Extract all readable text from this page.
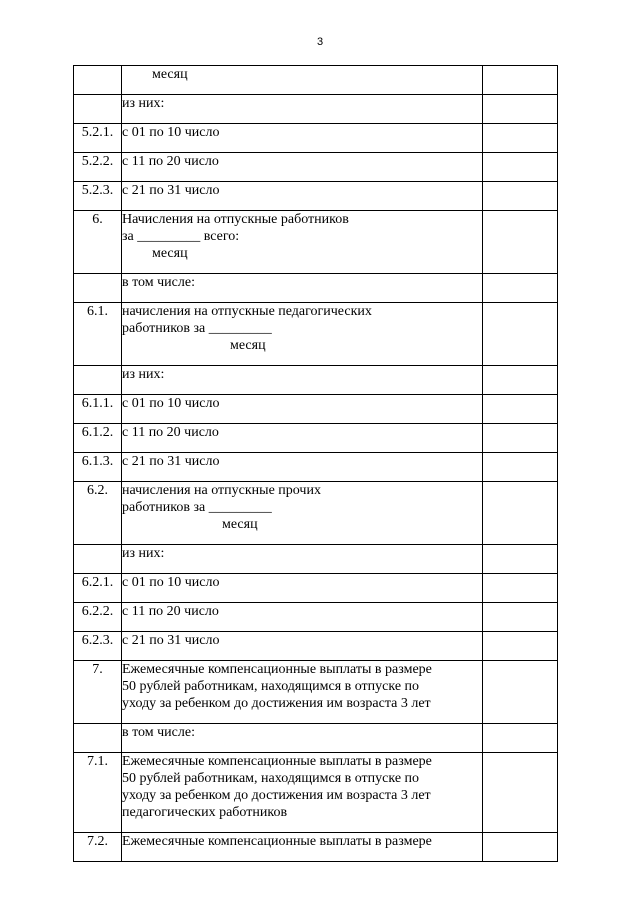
3

	месяц	

	из них:	

5.2.1.	с 01 по 10 число	

5.2.2.	с 11 по 20 число	

5.2.3.	с 21 по 31 число	

6.	Начисления на отпускные работников
за _________ всего:
месяц	

	в том числе:	

6.1.	начисления на отпускные педагогических
работников за _________
месяц	

	из них:	

6.1.1.	с 01 по 10 число	

6.1.2.	с 11 по 20 число	

6.1.3.	с 21 по 31 число	

6.2.	начисления на отпускные прочих
работников за _________
месяц	

	из них:	

6.2.1.	с 01 по 10 число	

6.2.2.	с 11 по 20 число	

6.2.3.	с 21 по 31 число	

7.	Ежемесячные компенсационные выплаты в размере
50 рублей работникам, находящимся в отпуске по
уходу за ребенком до достижения им возраста 3 лет	

	в том числе:	

7.1.	Ежемесячные компенсационные выплаты в размере
50 рублей работникам, находящимся в отпуске по
уходу за ребенком до достижения им возраста 3 лет
педагогических работников	

7.2.	Ежемесячные компенсационные выплаты в размере	
